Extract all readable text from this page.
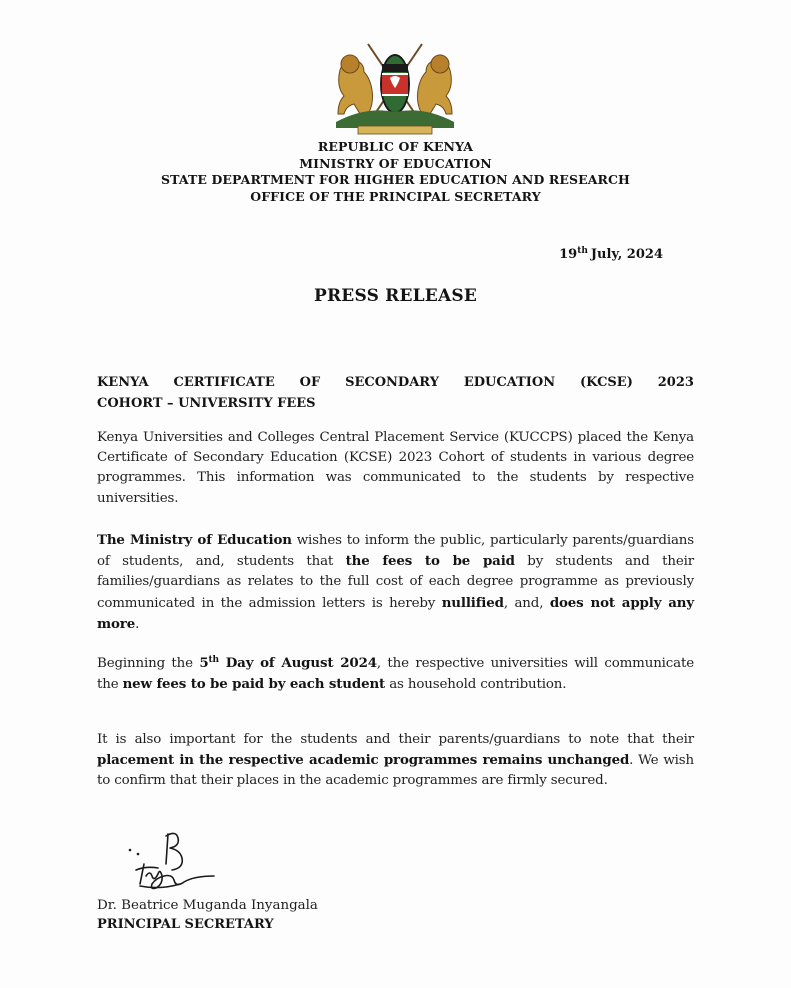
REPUBLIC OF KENYA
MINISTRY OF EDUCATION
STATE DEPARTMENT FOR HIGHER EDUCATION AND RESEARCH
OFFICE OF THE PRINCIPAL SECRETARY
19th July, 2024
PRESS RELEASE
KENYA CERTIFICATE OF SECONDARY EDUCATION (KCSE) 2023
COHORT – UNIVERSITY FEES
Kenya Universities and Colleges Central Placement Service (KUCCPS) placed the Kenya Certificate of Secondary Education (KCSE) 2023 Cohort of students in various degree programmes. This information was communicated to the students by respective universities.
The Ministry of Education wishes to inform the public, particularly parents/guardians of students, and, students that the fees to be paid by students and their families/guardians as relates to the full cost of each degree programme as previously communicated in the admission letters is hereby nullified, and, does not apply any more.
Beginning the 5th Day of August 2024, the respective universities will communicate the new fees to be paid by each student as household contribution.
It is also important for the students and their parents/guardians to note that their placement in the respective academic programmes remains unchanged. We wish to confirm that their places in the academic programmes are firmly secured.
Dr. Beatrice Muganda Inyangala
PRINCIPAL SECRETARY
